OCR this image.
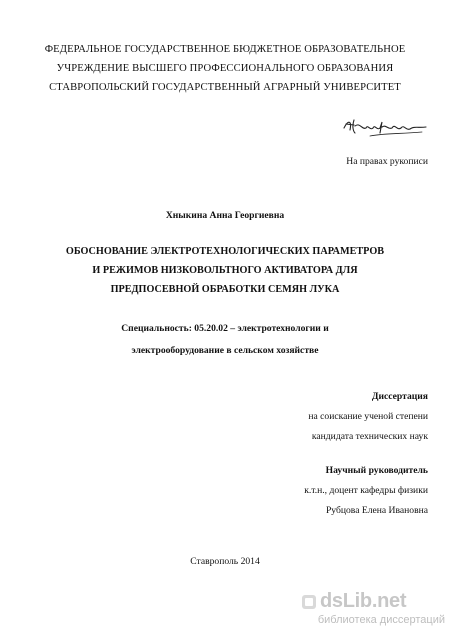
ФЕДЕРАЛЬНОЕ ГОСУДАРСТВЕННОЕ БЮДЖЕТНОЕ ОБРАЗОВАТЕЛЬНОЕ
УЧРЕЖДЕНИЕ ВЫСШЕГО ПРОФЕССИОНАЛЬНОГО ОБРАЗОВАНИЯ
СТАВРОПОЛЬСКИЙ ГОСУДАРСТВЕННЫЙ АГРАРНЫЙ УНИВЕРСИТЕТ
На правах рукописи
Хныкина Анна Георгиевна
ОБОСНОВАНИЕ ЭЛЕКТРОТЕХНОЛОГИЧЕСКИХ ПАРАМЕТРОВ
И РЕЖИМОВ НИЗКОВОЛЬТНОГО АКТИВАТОРА ДЛЯ
ПРЕДПОСЕВНОЙ ОБРАБОТКИ СЕМЯН ЛУКА
Специальность: 05.20.02 – электротехнологии и
электрооборудование в сельском хозяйстве
Диссертация
на соискание ученой степени
кандидата технических наук
Научный руководитель
к.т.н., доцент кафедры физики
Рубцова Елена Ивановна
Ставрополь 2014
dsLib.net
библиотека диссертаций
